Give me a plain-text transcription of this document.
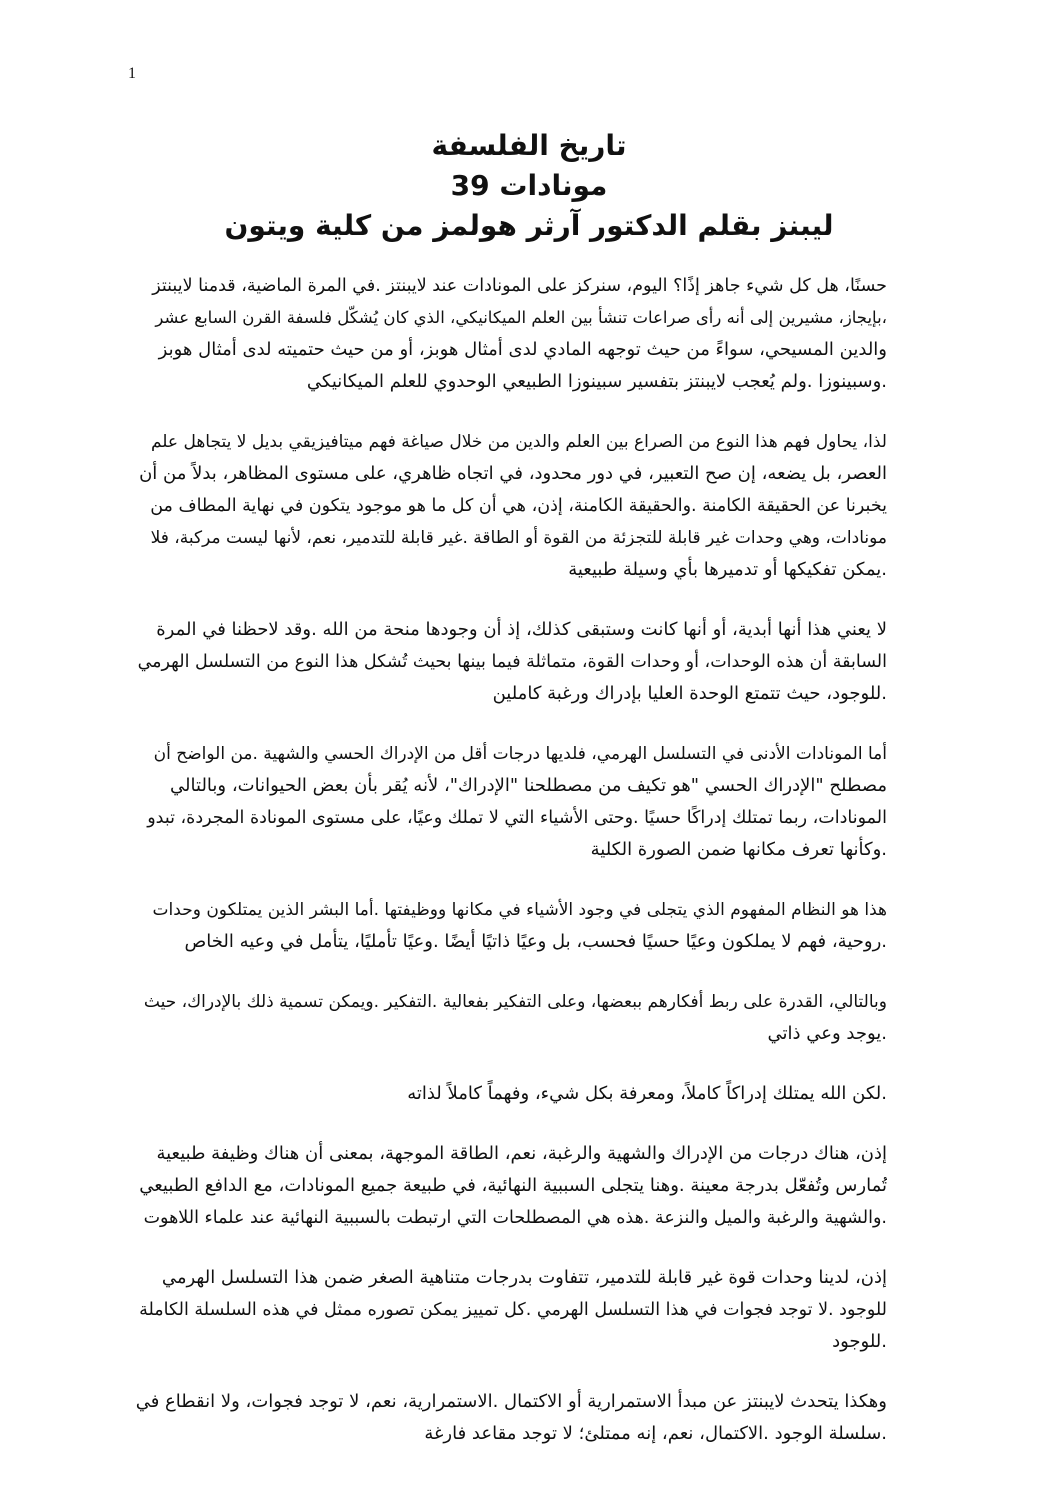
1
تاريخ الفلسفة
مونادات 39
ليبنز بقلم الدكتور آرثر هولمز من كلية ويتون
حسنًا، هل كل شيء جاهز إذًا؟ اليوم، سنركز على المونادات عند لايبنتز .في المرة الماضية، قدمنا لايبنتز
،بإيجاز، مشيرين إلى أنه رأى صراعات تنشأ بين العلم الميكانيكي، الذي كان يُشكّل فلسفة القرن السابع عشر
والدين المسيحي، سواءً من حيث توجهه المادي لدى أمثال هوبز، أو من حيث حتميته لدى أمثال هوبز
.وسبينوزا .ولم يُعجب لايبنتز بتفسير سبينوزا الطبيعي الوحدوي للعلم الميكانيكي
لذا، يحاول فهم هذا النوع من الصراع بين العلم والدين من خلال صياغة فهم ميتافيزيقي بديل لا يتجاهل علم
العصر، بل يضعه، إن صح التعبير، في دور محدود، في اتجاه ظاهري، على مستوى المظاهر، بدلاً من أن
يخبرنا عن الحقيقة الكامنة .والحقيقة الكامنة، إذن، هي أن كل ما هو موجود يتكون في نهاية المطاف من
مونادات، وهي وحدات غير قابلة للتجزئة من القوة أو الطاقة .غير قابلة للتدمير، نعم، لأنها ليست مركبة، فلا
.يمكن تفكيكها أو تدميرها بأي وسيلة طبيعية
لا يعني هذا أنها أبدية، أو أنها كانت وستبقى كذلك، إذ أن وجودها منحة من الله .وقد لاحظنا في المرة
السابقة أن هذه الوحدات، أو وحدات القوة، متماثلة فيما بينها بحيث تُشكل هذا النوع من التسلسل الهرمي
.للوجود، حيث تتمتع الوحدة العليا بإدراك ورغبة كاملين
أما المونادات الأدنى في التسلسل الهرمي، فلديها درجات أقل من الإدراك الحسي والشهية .من الواضح أن
مصطلح "الإدراك الحسي "هو تكيف من مصطلحنا "الإدراك"، لأنه يُقر بأن بعض الحيوانات، وبالتالي
المونادات، ربما تمتلك إدراكًا حسيًا .وحتى الأشياء التي لا تملك وعيًا، على مستوى المونادة المجردة، تبدو
.وكأنها تعرف مكانها ضمن الصورة الكلية
هذا هو النظام المفهوم الذي يتجلى في وجود الأشياء في مكانها ووظيفتها .أما البشر الذين يمتلكون وحدات
.روحية، فهم لا يملكون وعيًا حسيًا فحسب، بل وعيًا ذاتيًا أيضًا .وعيًا تأمليًا، يتأمل في وعيه الخاص
وبالتالي، القدرة على ربط أفكارهم ببعضها، وعلى التفكير بفعالية .التفكير .ويمكن تسمية ذلك بالإدراك، حيث
.يوجد وعي ذاتي
.لكن الله يمتلك إدراكاً كاملاً، ومعرفة بكل شيء، وفهماً كاملاً لذاته
إذن، هناك درجات من الإدراك والشهية والرغبة، نعم، الطاقة الموجهة، بمعنى أن هناك وظيفة طبيعية
تُمارس وتُفعّل بدرجة معينة .وهنا يتجلى السببية النهائية، في طبيعة جميع المونادات، مع الدافع الطبيعي
.والشهية والرغبة والميل والنزعة .هذه هي المصطلحات التي ارتبطت بالسببية النهائية عند علماء اللاهوت
إذن، لدينا وحدات قوة غير قابلة للتدمير، تتفاوت بدرجات متناهية الصغر ضمن هذا التسلسل الهرمي
للوجود .لا توجد فجوات في هذا التسلسل الهرمي .كل تمييز يمكن تصوره ممثل في هذه السلسلة الكاملة
.للوجود
وهكذا يتحدث لايبنتز عن مبدأ الاستمرارية أو الاكتمال .الاستمرارية، نعم، لا توجد فجوات، ولا انقطاع في
.سلسلة الوجود .الاكتمال، نعم، إنه ممتلئ؛ لا توجد مقاعد فارغة
